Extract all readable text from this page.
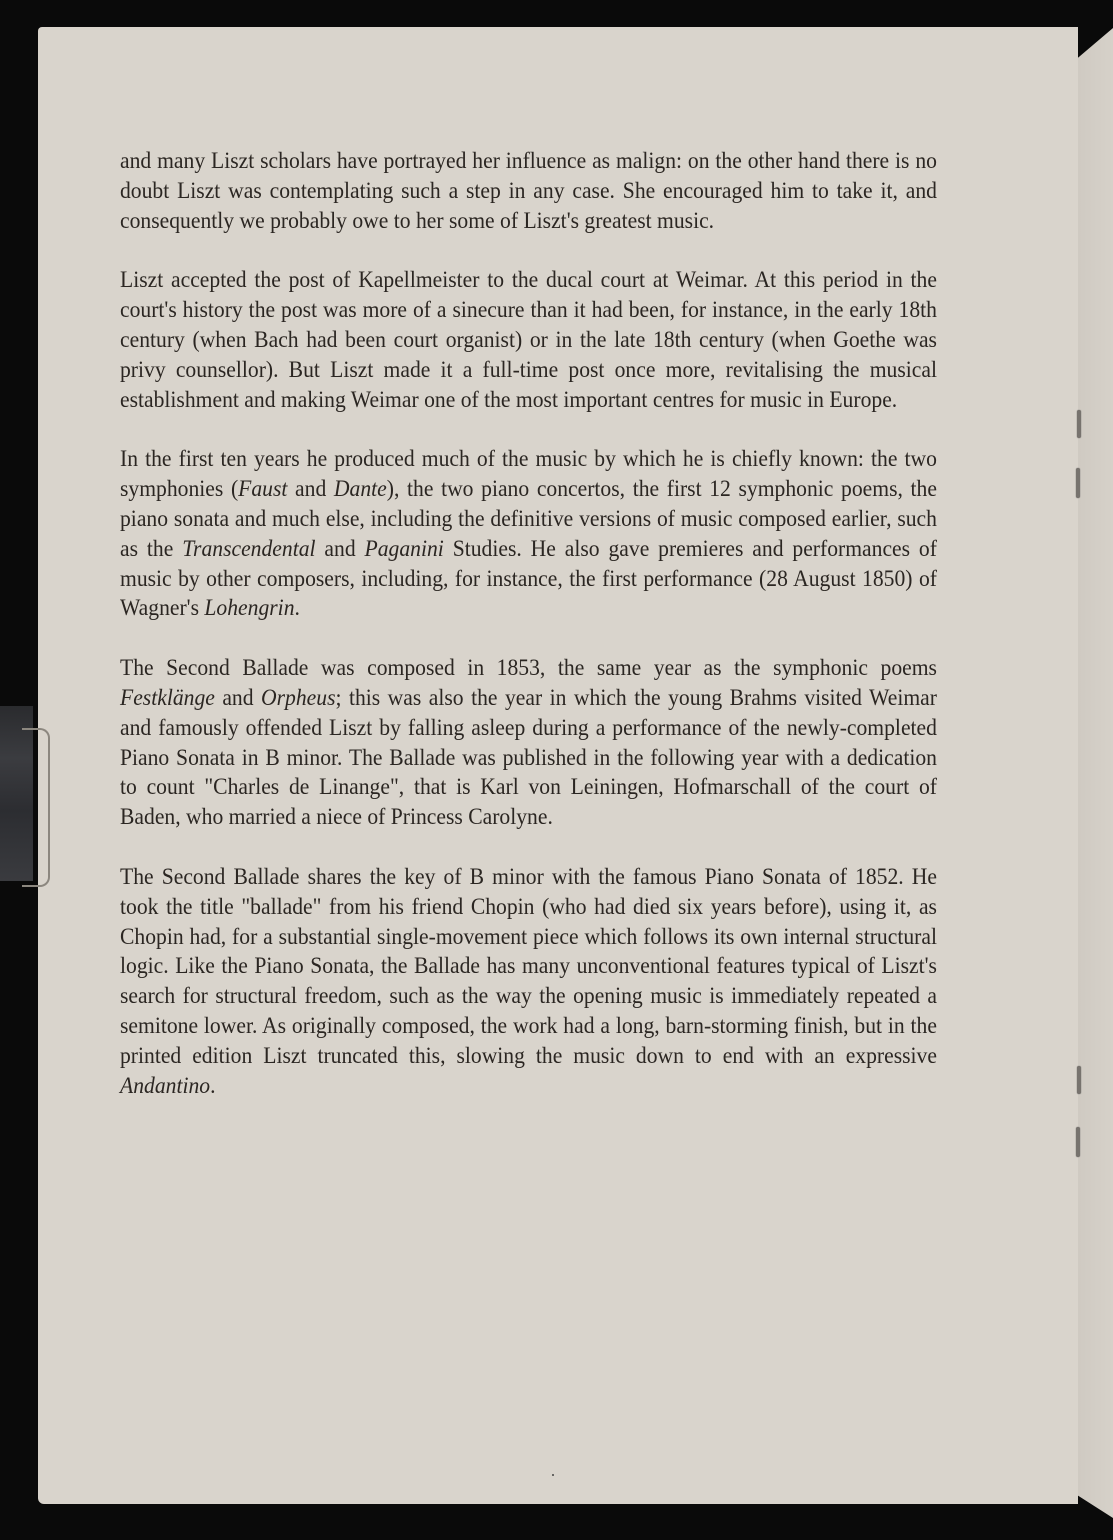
and many Liszt scholars have portrayed her influence as malign: on the other hand there is no doubt Liszt was contemplating such a step in any case. She encouraged him to take it, and consequently we probably owe to her some of Liszt's greatest music.

Liszt accepted the post of Kapellmeister to the ducal court at Weimar. At this period in the court's history the post was more of a sinecure than it had been, for instance, in the early 18th century (when Bach had been court organist) or in the late 18th century (when Goethe was privy counsellor). But Liszt made it a full-time post once more, revitalising the musical establishment and making Weimar one of the most important centres for music in Europe.

In the first ten years he produced much of the music by which he is chiefly known: the two symphonies (Faust and Dante), the two piano concertos, the first 12 symphonic poems, the piano sonata and much else, including the definitive versions of music composed earlier, such as the Transcendental and Paganini Studies. He also gave premieres and performances of music by other composers, including, for instance, the first performance (28 August 1850) of Wagner's Lohengrin.

The Second Ballade was composed in 1853, the same year as the symphonic poems Festklänge and Orpheus; this was also the year in which the young Brahms visited Weimar and famously offended Liszt by falling asleep during a performance of the newly-completed Piano Sonata in B minor. The Ballade was published in the following year with a dedication to count "Charles de Linange", that is Karl von Leiningen, Hofmarschall of the court of Baden, who married a niece of Princess Carolyne.

The Second Ballade shares the key of B minor with the famous Piano Sonata of 1852. He took the title "ballade" from his friend Chopin (who had died six years before), using it, as Chopin had, for a substantial single-movement piece which follows its own internal structural logic. Like the Piano Sonata, the Ballade has many unconventional features typical of Liszt's search for structural freedom, such as the way the opening music is immediately repeated a semitone lower. As originally composed, the work had a long, barn-storming finish, but in the printed edition Liszt truncated this, slowing the music down to end with an expressive Andantino.
